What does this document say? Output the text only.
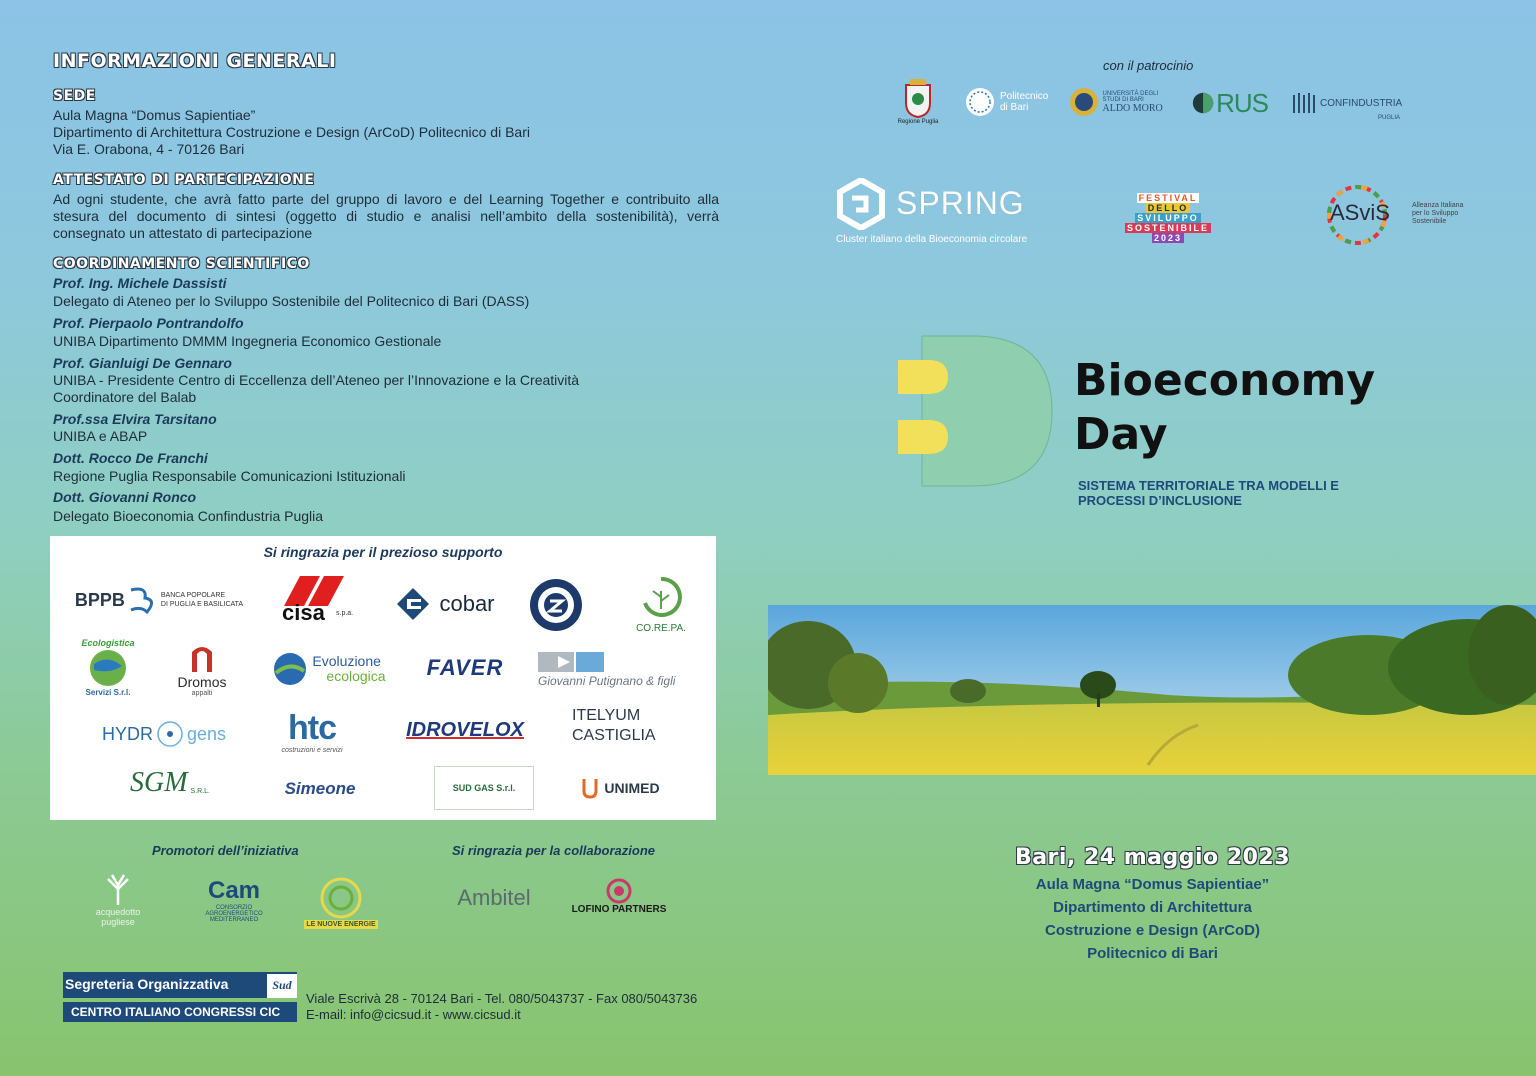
INFORMAZIONI GENERALI
SEDE
Aula Magna “Domus Sapientiae”
Dipartimento di Architettura Costruzione e Design (ArCoD) Politecnico di Bari
Via E. Orabona, 4 - 70126 Bari
ATTESTATO DI PARTECIPAZIONE
Ad ogni studente, che avrà fatto parte del gruppo di lavoro e del Learning Together e contribuito alla stesura del documento di sintesi (oggetto di studio e analisi nell’ambito della sostenibilità), verrà consegnato un attestato di partecipazione
COORDINAMENTO SCIENTIFICO
Prof. Ing. Michele Dassisti
Delegato di Ateneo per lo Sviluppo Sostenibile del Politecnico di Bari (DASS)
Prof. Pierpaolo Pontrandolfo
UNIBA Dipartimento DMMM Ingegneria Economico Gestionale
Prof. Gianluigi De Gennaro
UNIBA - Presidente Centro di Eccellenza dell’Ateneo per l’Innovazione e la Creatività
Coordinatore del Balab
Prof.ssa Elvira Tarsitano
UNIBA e ABAP
Dott. Rocco De Franchi
Regione Puglia Responsabile Comunicazioni Istituzionali
Dott. Giovanni Ronco
Delegato Bioeconomia Confindustria Puglia
Si ringrazia per il prezioso supporto
BPPB	BANCA POPOLARE
DI PUGLIA E BASILICATA cisa s.p.a.	cobar
CO.RE.PA.
Ecologistica
Servizi S.r.l.
Dromos
appalti
Evoluzione
ecologica FAVER
Giovanni Putignano & figli
HYDR gens htc
costruzioni e servizi
IDROVELOX
ITELYUM
CASTIGLIA
SGM S.R.L.	Simeone	SUD GAS S.r.l.	UNIMED
Promotori dell’iniziativa
acquedotto pugliese
Cam
CONSORZIO AGROENERGETICO MEDITERRANEO
LE NUOVE ENERGIE
Si ringrazia per la collaborazione
Ambitel	LOFINO PARTNERS
Segreteria Organizzativa	Sud
CENTRO ITALIANO CONGRESSI CIC
Viale Escrivà 28 - 70124 Bari - Tel. 080/5043737 - Fax 080/5043736
E-mail: info@cicsud.it - www.cicsud.it
con il patrocinio
Regione Puglia
Politecnico di Bari
UNIVERSITÀ DEGLI STUDI DI BARI
ALDO MORO RUS	CONFINDUSTRIA
PUGLIA
SPRING
Cluster italiano della Bioeconomia circolare
FESTIVAL
DELLO
SVILUPPO
SOSTENIBILE
2023
ASviS	Alleanza Italiana per lo Sviluppo Sostenibile
Bioeconomy
Day
SISTEMA TERRITORIALE TRA MODELLI E
PROCESSI D’INCLUSIONE
Bari, 24 maggio 2023
Aula Magna “Domus Sapientiae”
Dipartimento di Architettura
Costruzione e Design (ArCoD)
Politecnico di Bari
